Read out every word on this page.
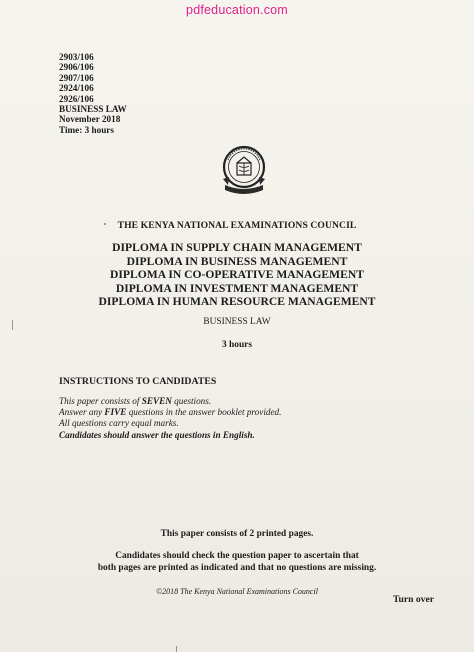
pdfeducation.com
2903/106
2906/106
2907/106
2924/106
2926/106
BUSINESS LAW
November 2018
Time: 3 hours
THE KENYA NATIONAL EXAMINATIONS COUNCIL
DIPLOMA IN SUPPLY CHAIN MANAGEMENT
DIPLOMA IN BUSINESS MANAGEMENT
DIPLOMA IN CO-OPERATIVE MANAGEMENT
DIPLOMA IN INVESTMENT MANAGEMENT
DIPLOMA IN HUMAN RESOURCE MANAGEMENT
BUSINESS LAW
3 hours
INSTRUCTIONS TO CANDIDATES
This paper consists of SEVEN questions.
Answer any FIVE questions in the answer booklet provided.
All questions carry equal marks.
Candidates should answer the questions in English.
This paper consists of 2 printed pages.
Candidates should check the question paper to ascertain that
both pages are printed as indicated and that no questions are missing.
©2018 The Kenya National Examinations Council
Turn over
